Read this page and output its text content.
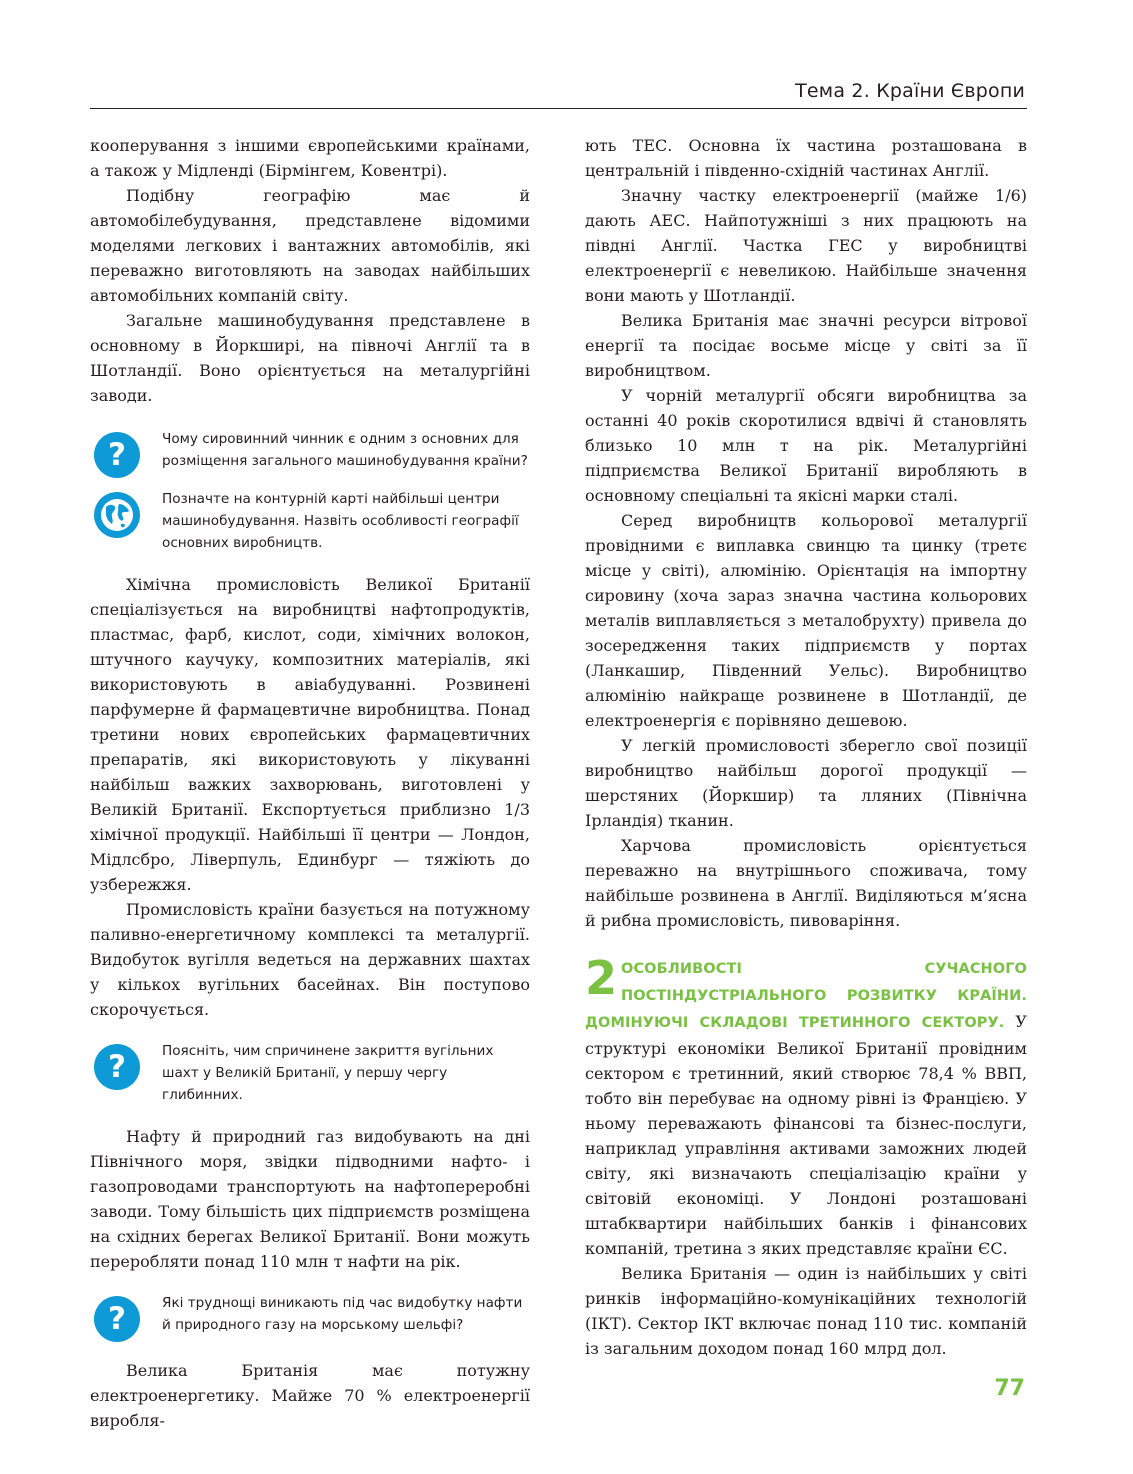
Тема 2. Країни Європи

кооперування з іншими європейськими країнами, а також у Мідленді (Бірмінгем, Ковентрі).

Подібну географію має й автомобілебудування, представлене відомими моделями легкових і вантажних автомобілів, які переважно виготовляють на заводах найбільших автомобільних компаній світу.

Загальне машинобудування представлене в основному в Йоркширі, на півночі Англії та в Шотландії. Воно орієнтується на металургійні заводи.

?	Чому сировинний чинник є одним з основних для розміщення загального машинобудування країни?
Позначте на контурній карті найбільші центри машинобудування. Назвіть особливості географії основних виробництв.

Хімічна промисловість Великої Британії спеціалізується на виробництві нафтопродуктів, пластмас, фарб, кислот, соди, хімічних волокон, штучного каучуку, композитних матеріалів, які використовують в авіабудуванні. Розвинені парфумерне й фармацевтичне виробництва. Понад третини нових європейських фармацевтичних препаратів, які використовують у лікуванні найбільш важких захворювань, виготовлені у Великій Британії. Експортується приблизно 1/3 хімічної продукції. Найбільші її центри — Лондон, Мідлсбро, Ліверпуль, Единбург — тяжіють до узбережжя.

Промисловість країни базується на потужному паливно-енергетичному комплексі та металургії. Видобуток вугілля ведеться на державних шахтах у кількох вугільних басейнах. Він поступово скорочується.

?	Поясніть, чим спричинене закриття вугільних шахт у Великій Британії, у першу чергу глибинних.

Нафту й природний газ видобувають на дні Північного моря, звідки підводними нафто- і газопроводами транспортують на нафтопереробні заводи. Тому більшість цих підприємств розміщена на східних берегах Великої Британії. Вони можуть переробляти понад 110 млн т нафти на рік.

?	Які труднощі виникають під час видобутку нафти й природного газу на морському шельфі?

Велика Британія має потужну електроенергетику. Майже 70 % електроенергії виробля-

ють ТЕС. Основна їх частина розташована в центральній і південно-східній частинах Англії.

Значну частку електроенергії (майже 1/6) дають АЕС. Найпотужніші з них працюють на півдні Англії. Частка ГЕС у виробництві електроенергії є невеликою. Найбільше значення вони мають у Шотландії.

Велика Британія має значні ресурси вітрової енергії та посідає восьме місце у світі за її виробництвом.

У чорній металургії обсяги виробництва за останні 40 років скоротилися вдвічі й становлять близько 10 млн т на рік. Металургійні підприємства Великої Британії виробляють в основному спеціальні та якісні марки сталі.

Серед виробництв кольорової металургії провідними є виплавка свинцю та цинку (третє місце у світі), алюмінію. Орієнтація на імпортну сировину (хоча зараз значна частина кольорових металів виплавляється з металобрухту) привела до зосередження таких підприємств у портах (Ланкашир, Південний Уельс). Виробництво алюмінію найкраще розвинене в Шотландії, де електроенергія є порівняно дешевою.

У легкій промисловості зберегло свої позиції виробництво найбільш дорогої продукції — шерстяних (Йоркшир) та лляних (Північна Ірландія) тканин.

Харчова промисловість орієнтується переважно на внутрішнього споживача, тому найбільше розвинена в Англії. Виділяються м’ясна й рибна промисловість, пивоваріння.

2 ОСОБЛИВОСТІ СУЧАСНОГО ПОСТІНДУСТРІАЛЬНОГО РОЗВИТКУ КРАЇНИ. ДОМІНУЮЧІ СКЛАДОВІ ТРЕТИННОГО СЕКТОРУ. У структурі економіки Великої Британії провідним сектором є третинний, який створює 78,4 % ВВП, тобто він перебуває на одному рівні із Францією. У ньому переважають фінансові та бізнес-послуги, наприклад управління активами заможних людей світу, які визначають спеціалізацію країни у світовій економіці. У Лондоні розташовані штабквартири найбільших банків і фінансових компаній, третина з яких представляє країни ЄС.

Велика Британія — один із найбільших у світі ринків інформаційно-комунікаційних технологій (ІКТ). Сектор ІКТ включає понад 110 тис. компаній із загальним доходом понад 160 млрд дол.

77
